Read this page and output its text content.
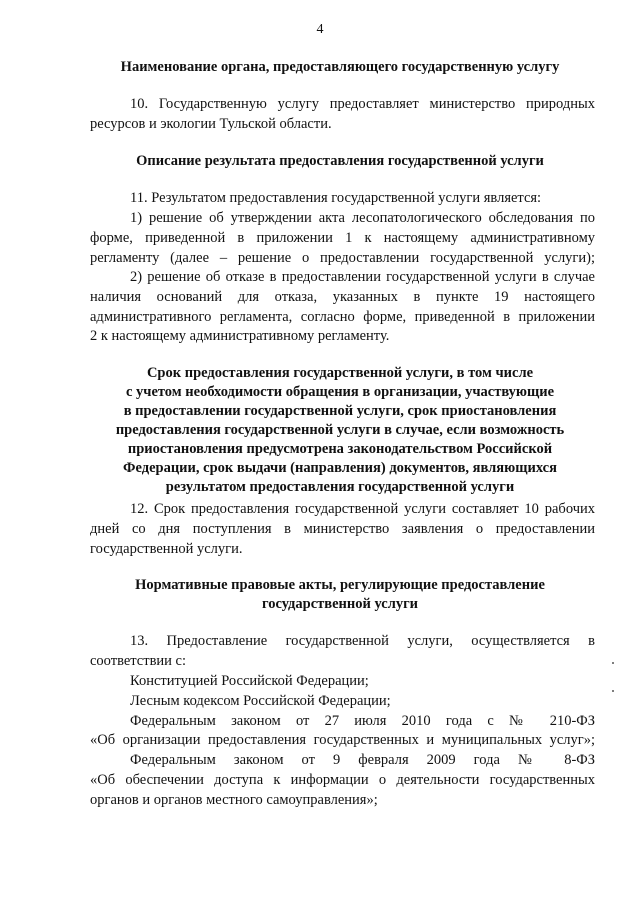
4

Наименование органа, предоставляющего государственную услугу

10. Государственную услугу предоставляет министерство природных

ресурсов и экологии Тульской области.

Описание результата предоставления государственной услуги

11. Результатом предоставления государственной услуги является:

1) решение об утверждении акта лесопатологического обследования по

форме, приведенной в приложении 1 к настоящему административному

регламенту (далее – решение о предоставлении государственной услуги);

2) решение об отказе в предоставлении государственной услуги в случае

наличия оснований для отказа, указанных в пункте 19 настоящего

административного регламента, согласно форме, приведенной в приложении

2 к настоящему административному регламенту.

Срок предоставления государственной услуги, в том числе
с учетом необходимости обращения в организации, участвующие
в предоставлении государственной услуги, срок приостановления
предоставления государственной услуги в случае, если возможность
приостановления предусмотрена законодательством Российской
Федерации, срок выдачи (направления) документов, являющихся
результатом предоставления государственной услуги

12. Срок предоставления государственной услуги составляет 10 рабочих

дней со дня поступления в министерство заявления о предоставлении

государственной услуги.

Нормативные правовые акты, регулирующие предоставление
государственной услуги

13. Предоставление государственной услуги, осуществляется в

соответствии с:

Конституцией Российской Федерации;

Лесным кодексом Российской Федерации;

Федеральным законом от 27 июля 2010 года с № 210-ФЗ

«Об организации предоставления государственных и муниципальных услуг»;

Федеральным законом от 9 февраля 2009 года № 8-ФЗ

«Об обеспечении доступа к информации о деятельности государственных

органов и органов местного самоуправления»;
